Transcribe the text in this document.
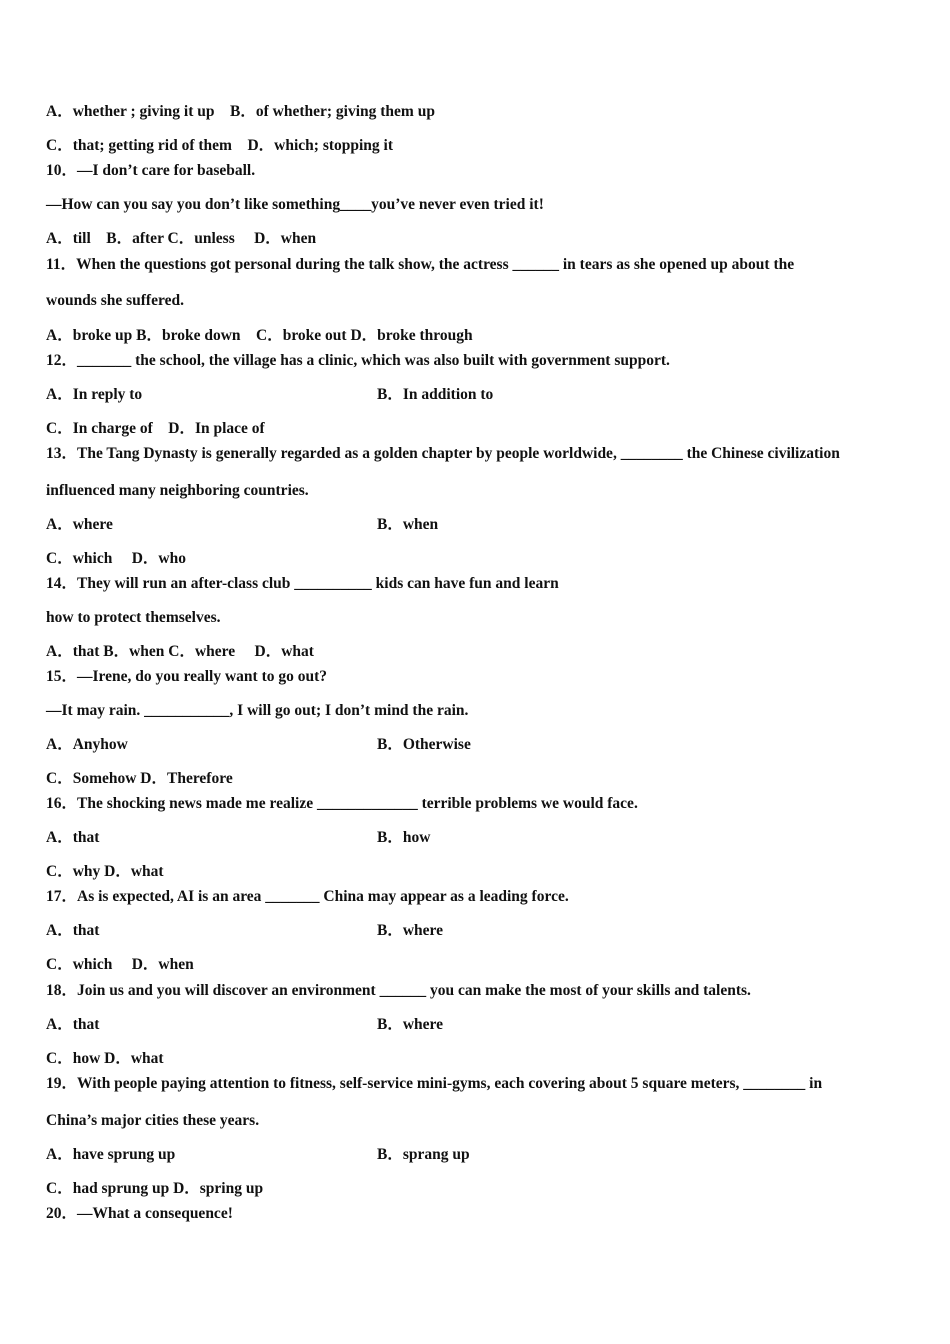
A．whether ; giving it up　B．of whether; giving them up
C．that; getting rid of them　D．which; stopping it
10．—I don’t care for baseball.
—How can you say you don’t like something____you’ve never even tried it!
A．till　B．after C．unless　 D．when
11．When the questions got personal during the talk show, the actress ______ in tears as she opened up about the
wounds she suffered.
A．broke up B．broke down　C．broke out D．broke through
12．_______ the school, the village has a clinic, which was also built with government support.
A．In reply to	B．In addition to
C．In charge of　D．In place of
13．The Tang Dynasty is generally regarded as a golden chapter by people worldwide, ________ the Chinese civilization
influenced many neighboring countries.
A．where	B．when
C．which　 D．who
14．They will run an after-class club __________ kids can have fun and learn
how to protect themselves.
A．that B．when C．where　 D．what
15．—Irene, do you really want to go out?
—It may rain. ___________, I will go out; I don’t mind the rain.
A．Anyhow	B．Otherwise
C．Somehow D．Therefore
16．The shocking news made me realize _____________ terrible problems we would face.
A．that	B．how
C．why D．what
17．As is expected, AI is an area _______ China may appear as a leading force.
A．that	B．where
C．which　 D．when
18．Join us and you will discover an environment ______ you can make the most of your skills and talents.
A．that	B．where
C．how D．what
19．With people paying attention to fitness, self-service mini-gyms, each covering about 5 square meters, ________ in
China’s major cities these years.
A．have sprung up	B．sprang up
C．had sprung up D．spring up
20．—What a consequence!
